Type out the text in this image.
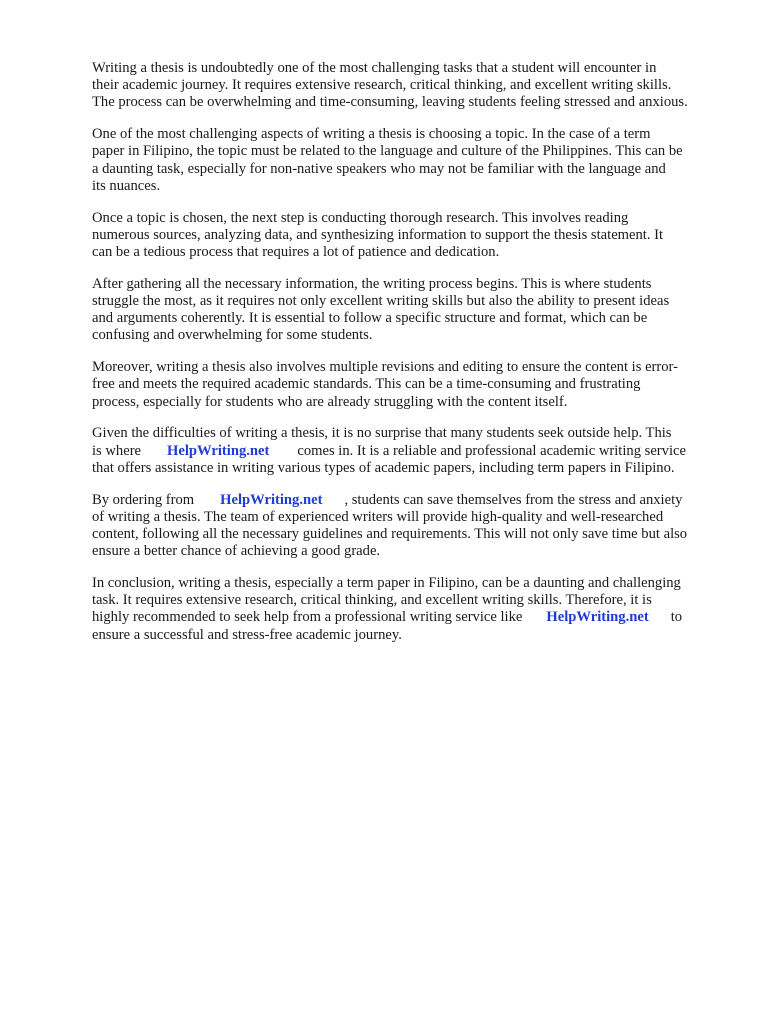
Writing a thesis is undoubtedly one of the most challenging tasks that a student will encounter in
their academic journey. It requires extensive research, critical thinking, and excellent writing skills.
The process can be overwhelming and time-consuming, leaving students feeling stressed and anxious.

One of the most challenging aspects of writing a thesis is choosing a topic. In the case of a term
paper in Filipino, the topic must be related to the language and culture of the Philippines. This can be
a daunting task, especially for non-native speakers who may not be familiar with the language and
its nuances.

Once a topic is chosen, the next step is conducting thorough research. This involves reading
numerous sources, analyzing data, and synthesizing information to support the thesis statement. It
can be a tedious process that requires a lot of patience and dedication.

After gathering all the necessary information, the writing process begins. This is where students
struggle the most, as it requires not only excellent writing skills but also the ability to present ideas
and arguments coherently. It is essential to follow a specific structure and format, which can be
confusing and overwhelming for some students.

Moreover, writing a thesis also involves multiple revisions and editing to ensure the content is error-
free and meets the required academic standards. This can be a time-consuming and frustrating
process, especially for students who are already struggling with the content itself.

Given the difficulties of writing a thesis, it is no surprise that many students seek outside help. This
is where HelpWriting.net comes in. It is a reliable and professional academic writing service
that offers assistance in writing various types of academic papers, including term papers in Filipino.

By ordering from HelpWriting.net , students can save themselves from the stress and anxiety
of writing a thesis. The team of experienced writers will provide high-quality and well-researched
content, following all the necessary guidelines and requirements. This will not only save time but also
ensure a better chance of achieving a good grade.

In conclusion, writing a thesis, especially a term paper in Filipino, can be a daunting and challenging
task. It requires extensive research, critical thinking, and excellent writing skills. Therefore, it is
highly recommended to seek help from a professional writing service like HelpWriting.net to
ensure a successful and stress-free academic journey.
